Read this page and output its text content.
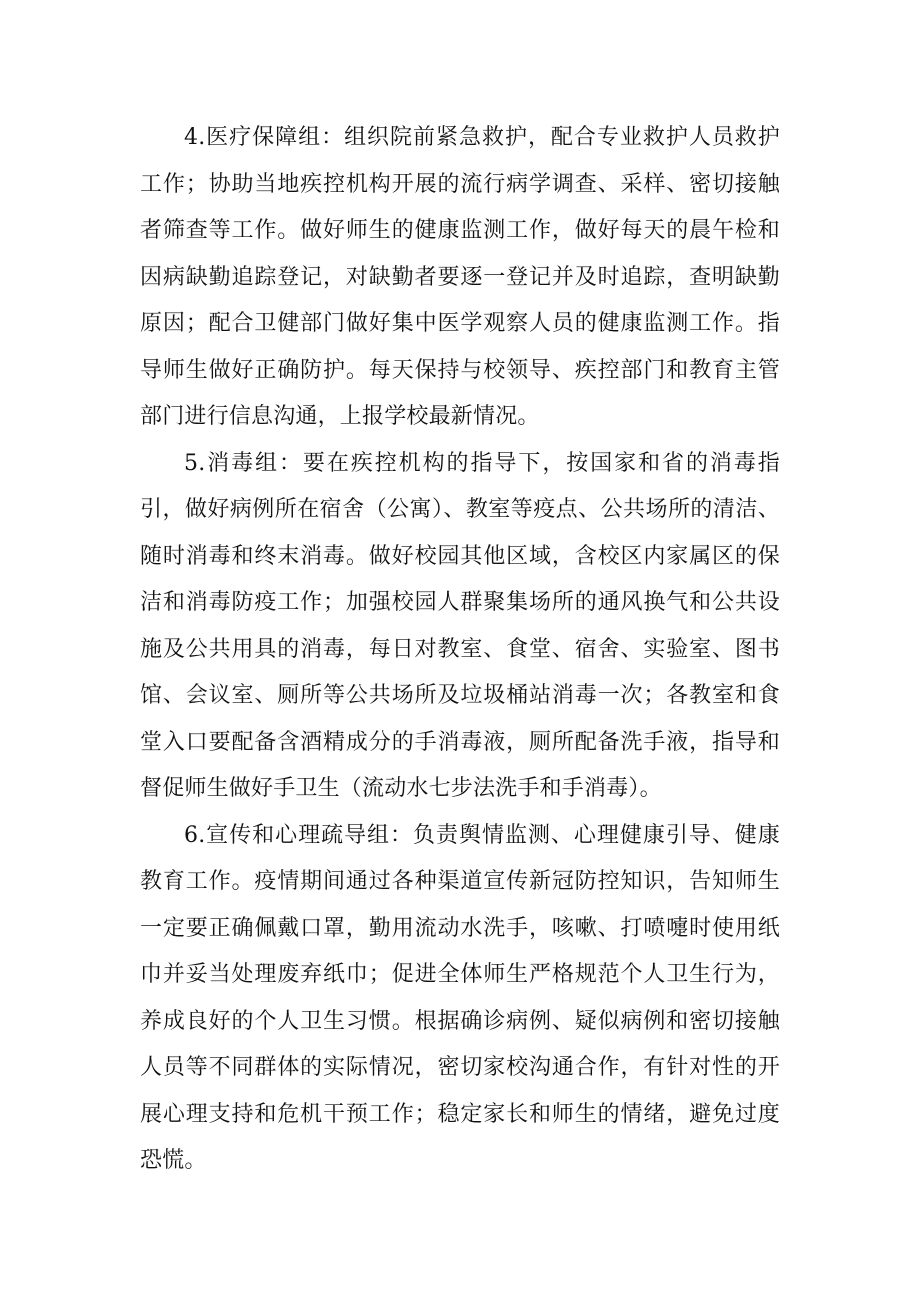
4.医疗保障组：组织院前紧急救护，配合专业救护人员救护工作；协助当地疾控机构开展的流行病学调查、采样、密切接触者筛查等工作。做好师生的健康监测工作，做好每天的晨午检和因病缺勤追踪登记，对缺勤者要逐一登记并及时追踪，查明缺勤原因；配合卫健部门做好集中医学观察人员的健康监测工作。指导师生做好正确防护。每天保持与校领导、疾控部门和教育主管部门进行信息沟通，上报学校最新情况。

5.消毒组：要在疾控机构的指导下，按国家和省的消毒指引，做好病例所在宿舍（公寓）、教室等疫点、公共场所的清洁、随时消毒和终末消毒。做好校园其他区域，含校区内家属区的保洁和消毒防疫工作；加强校园人群聚集场所的通风换气和公共设施及公共用具的消毒，每日对教室、食堂、宿舍、实验室、图书馆、会议室、厕所等公共场所及垃圾桶站消毒一次；各教室和食堂入口要配备含酒精成分的手消毒液，厕所配备洗手液，指导和督促师生做好手卫生（流动水七步法洗手和手消毒）。

6.宣传和心理疏导组：负责舆情监测、心理健康引导、健康教育工作。疫情期间通过各种渠道宣传新冠防控知识，告知师生一定要正确佩戴口罩，勤用流动水洗手，咳嗽、打喷嚏时使用纸巾并妥当处理废弃纸巾；促进全体师生严格规范个人卫生行为，养成良好的个人卫生习惯。根据确诊病例、疑似病例和密切接触人员等不同群体的实际情况，密切家校沟通合作，有针对性的开展心理支持和危机干预工作；稳定家长和师生的情绪，避免过度恐慌。
